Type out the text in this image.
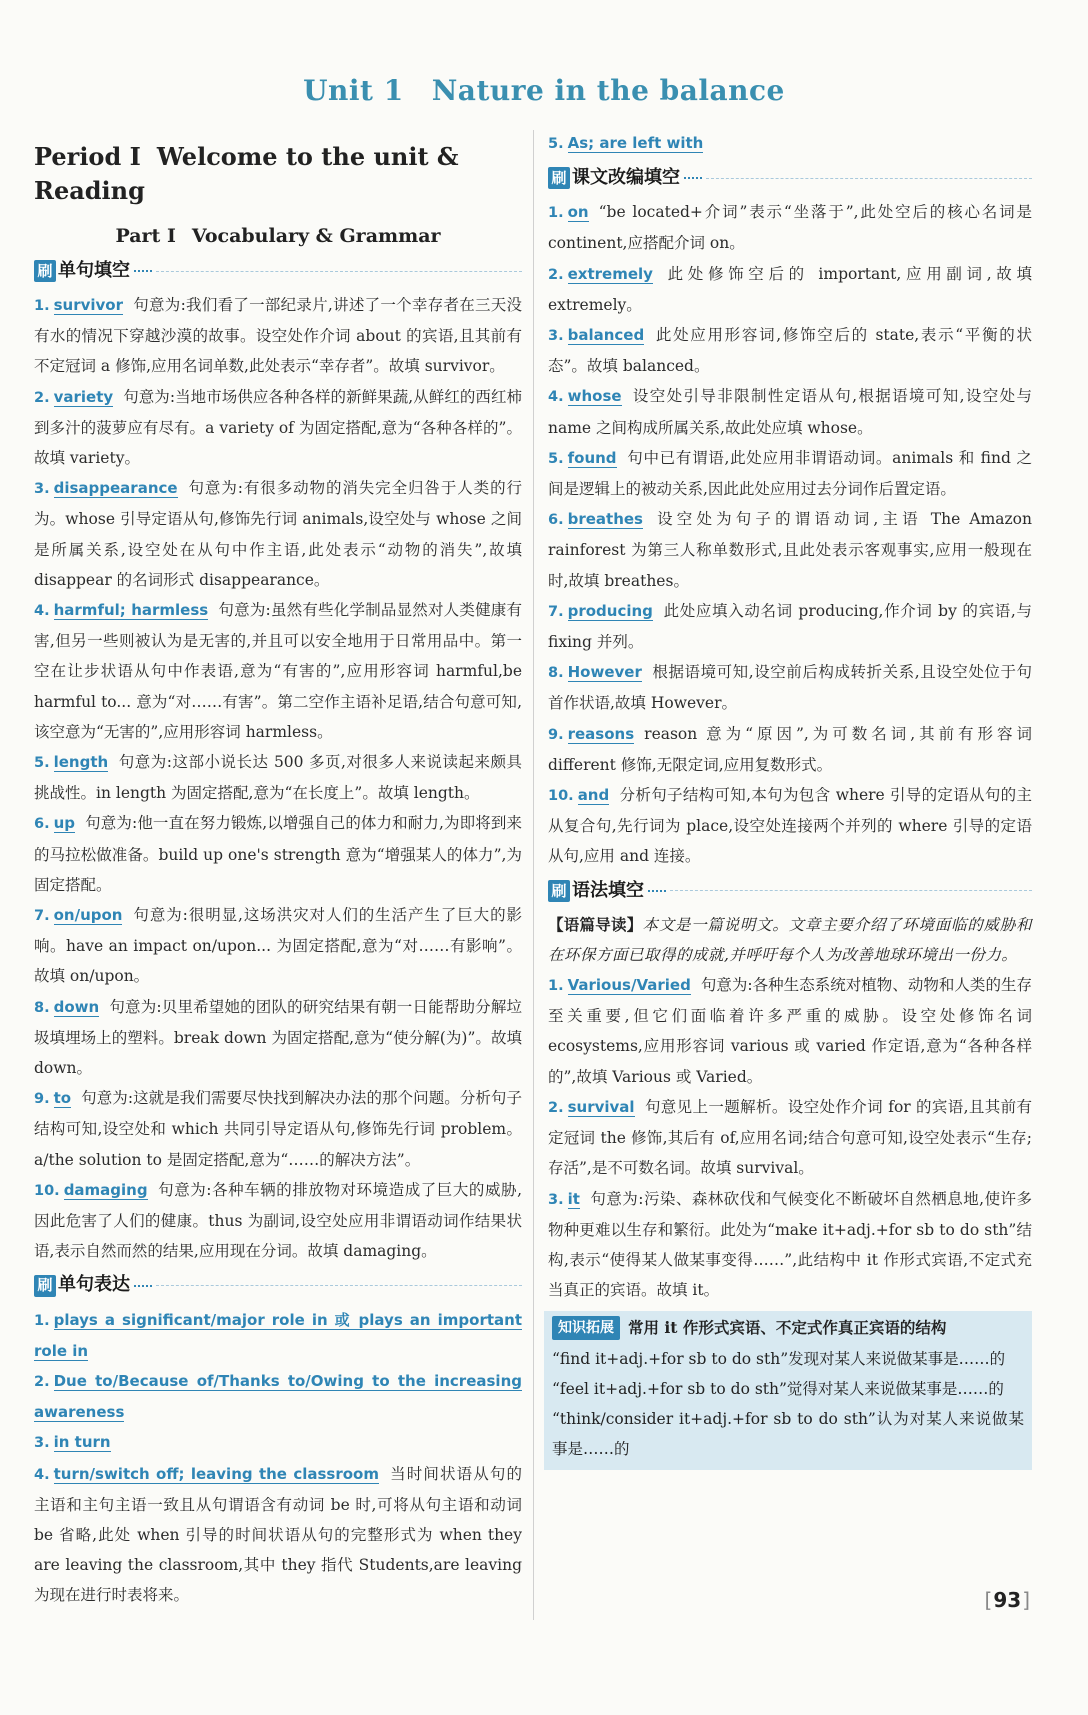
Unit 1 Nature in the balance
Period Ⅰ Welcome to the unit & Reading
Part Ⅰ Vocabulary & Grammar
刷 单句填空

1. survivor 句意为:我们看了一部纪录片,讲述了一个幸存者在三天没有水的情况下穿越沙漠的故事。设空处作介词 about 的宾语,且其前有不定冠词 a 修饰,应用名词单数,此处表示“幸存者”。故填 survivor。

2. variety 句意为:当地市场供应各种各样的新鲜果蔬,从鲜红的西红柿到多汁的菠萝应有尽有。a variety of 为固定搭配,意为“各种各样的”。故填 variety。

3. disappearance 句意为:有很多动物的消失完全归咎于人类的行为。whose 引导定语从句,修饰先行词 animals,设空处与 whose 之间是所属关系,设空处在从句中作主语,此处表示“动物的消失”,故填 disappear 的名词形式 disappearance。

4. harmful; harmless 句意为:虽然有些化学制品显然对人类健康有害,但另一些则被认为是无害的,并且可以安全地用于日常用品中。第一空在让步状语从句中作表语,意为“有害的”,应用形容词 harmful,be harmful to... 意为“对……有害”。第二空作主语补足语,结合句意可知,该空意为“无害的”,应用形容词 harmless。

5. length 句意为:这部小说长达 500 多页,对很多人来说读起来颇具挑战性。in length 为固定搭配,意为“在长度上”。故填 length。

6. up 句意为:他一直在努力锻炼,以增强自己的体力和耐力,为即将到来的马拉松做准备。build up one's strength 意为“增强某人的体力”,为固定搭配。

7. on/upon 句意为:很明显,这场洪灾对人们的生活产生了巨大的影响。have an impact on/upon... 为固定搭配,意为“对……有影响”。故填 on/upon。

8. down 句意为:贝里希望她的团队的研究结果有朝一日能帮助分解垃圾填埋场上的塑料。break down 为固定搭配,意为“使分解(为)”。故填 down。

9. to 句意为:这就是我们需要尽快找到解决办法的那个问题。分析句子结构可知,设空处和 which 共同引导定语从句,修饰先行词 problem。a/the solution to 是固定搭配,意为“……的解决方法”。

10. damaging 句意为:各种车辆的排放物对环境造成了巨大的威胁,因此危害了人们的健康。thus 为副词,设空处应用非谓语动词作结果状语,表示自然而然的结果,应用现在分词。故填 damaging。

刷 单句表达

1. plays a significant/major role in 或 plays an important role in

2. Due to/Because of/Thanks to/Owing to the increasing awareness

3. in turn

4. turn/switch off; leaving the classroom 当时间状语从句的主语和主句主语一致且从句谓语含有动词 be 时,可将从句主语和动词 be 省略,此处 when 引导的时间状语从句的完整形式为 when they are leaving the classroom,其中 they 指代 Students,are leaving 为现在进行时表将来。

5. As; are left with

刷 课文改编填空

1. on “be located+介词”表示“坐落于”,此处空后的核心名词是 continent,应搭配介词 on。

2. extremely 此处修饰空后的 important,应用副词,故填 extremely。

3. balanced 此处应用形容词,修饰空后的 state,表示“平衡的状态”。故填 balanced。

4. whose 设空处引导非限制性定语从句,根据语境可知,设空处与 name 之间构成所属关系,故此处应填 whose。

5. found 句中已有谓语,此处应用非谓语动词。animals 和 find 之间是逻辑上的被动关系,因此此处应用过去分词作后置定语。

6. breathes 设空处为句子的谓语动词,主语 The Amazon rainforest 为第三人称单数形式,且此处表示客观事实,应用一般现在时,故填 breathes。

7. producing 此处应填入动名词 producing,作介词 by 的宾语,与 fixing 并列。

8. However 根据语境可知,设空前后构成转折关系,且设空处位于句首作状语,故填 However。

9. reasons reason 意为“原因”,为可数名词,其前有形容词 different 修饰,无限定词,应用复数形式。

10. and 分析句子结构可知,本句为包含 where 引导的定语从句的主从复合句,先行词为 place,设空处连接两个并列的 where 引导的定语从句,应用 and 连接。

刷 语法填空

【语篇导读】本文是一篇说明文。文章主要介绍了环境面临的威胁和在环保方面已取得的成就,并呼吁每个人为改善地球环境出一份力。

1. Various/Varied 句意为:各种生态系统对植物、动物和人类的生存至关重要,但它们面临着许多严重的威胁。设空处修饰名词 ecosystems,应用形容词 various 或 varied 作定语,意为“各种各样的”,故填 Various 或 Varied。

2. survival 句意见上一题解析。设空处作介词 for 的宾语,且其前有定冠词 the 修饰,其后有 of,应用名词;结合句意可知,设空处表示“生存;存活”,是不可数名词。故填 survival。

3. it 句意为:污染、森林砍伐和气候变化不断破坏自然栖息地,使许多物种更难以生存和繁衍。此处为“make it+adj.+for sb to do sth”结构,表示“使得某人做某事变得……”,此结构中 it 作形式宾语,不定式充当真正的宾语。故填 it。

知识拓展 常用 it 作形式宾语、不定式作真正宾语的结构
“find it+adj.+for sb to do sth”发现对某人来说做某事是……的
“feel it+adj.+for sb to do sth”觉得对某人来说做某事是……的
“think/consider it+adj.+for sb to do sth”认为对某人来说做某事是……的
[ 93 ]
